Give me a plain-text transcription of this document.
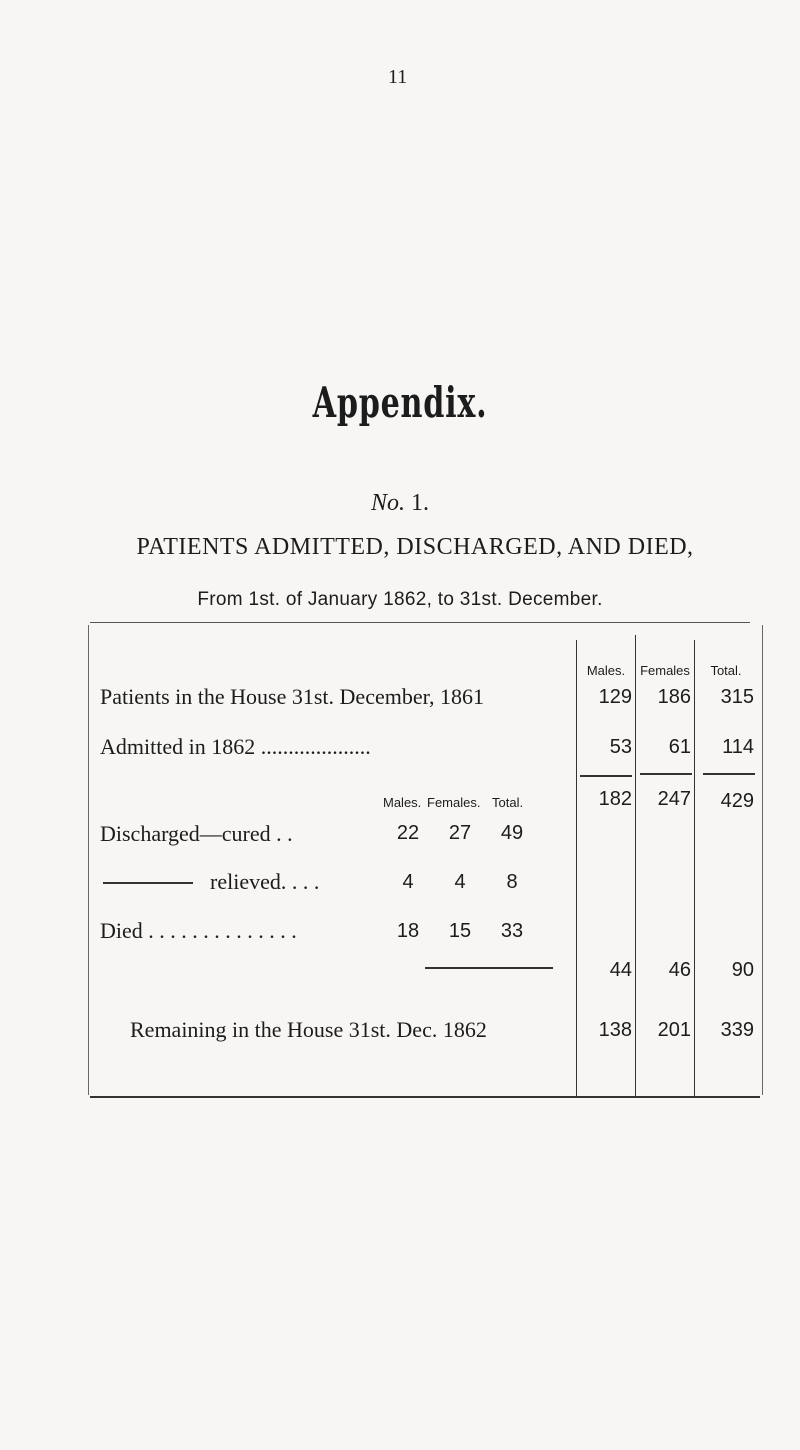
11
Appendix.
No. 1.
PATIENTS ADMITTED, DISCHARGED, AND DIED,
From 1st. of January 1862, to 31st. December.
Males.	Females	Total.
Patients in the House 31st. December, 1861	129	186	315
Admitted in 1862 ....................	53	61	114
182	247	429
Males. Females. Total.
Discharged—cured . .	22	27	49
relieved. . . .	4	4	8
Died . . . . . . . . . . . . . .	18	15	33
44	46	90
Remaining in the House 31st. Dec. 1862	138	201	339
